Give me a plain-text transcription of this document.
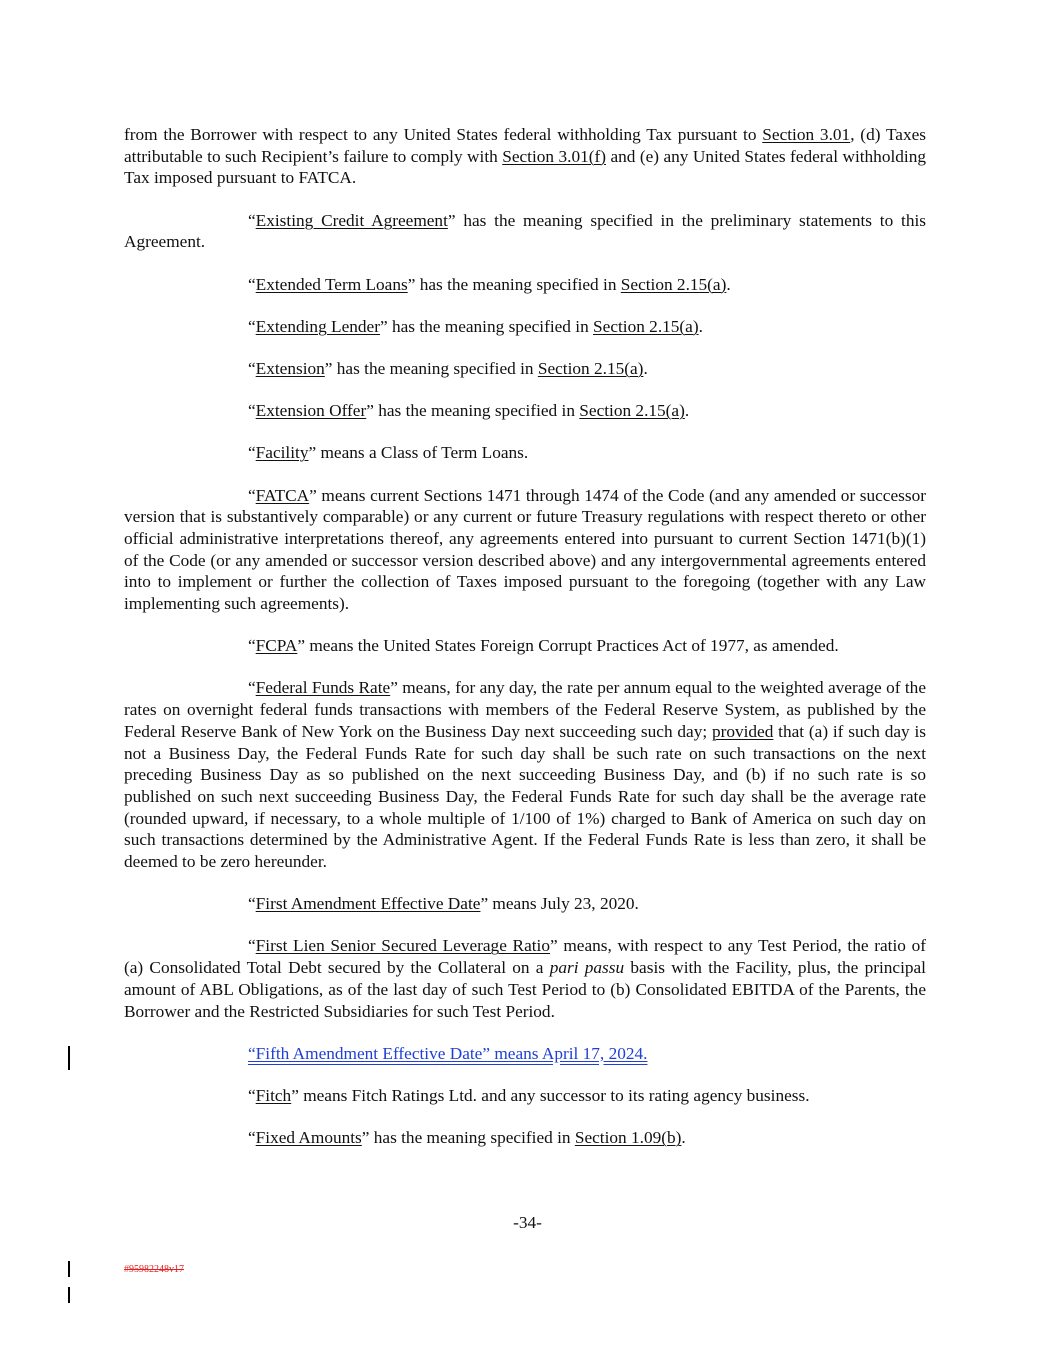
from the Borrower with respect to any United States federal withholding Tax pursuant to Section 3.01, (d) Taxes attributable to such Recipient’s failure to comply with Section 3.01(f) and (e) any United States federal withholding Tax imposed pursuant to FATCA.

“Existing Credit Agreement” has the meaning specified in the preliminary statements to this Agreement.

“Extended Term Loans” has the meaning specified in Section 2.15(a).

“Extending Lender” has the meaning specified in Section 2.15(a).

“Extension” has the meaning specified in Section 2.15(a).

“Extension Offer” has the meaning specified in Section 2.15(a).

“Facility” means a Class of Term Loans.

“FATCA” means current Sections 1471 through 1474 of the Code (and any amended or successor version that is substantively comparable) or any current or future Treasury regulations with respect thereto or other official administrative interpretations thereof, any agreements entered into pursuant to current Section 1471(b)(1) of the Code (or any amended or successor version described above) and any intergovernmental agreements entered into to implement or further the collection of Taxes imposed pursuant to the foregoing (together with any Law implementing such agreements).

“FCPA” means the United States Foreign Corrupt Practices Act of 1977, as amended.

“Federal Funds Rate” means, for any day, the rate per annum equal to the weighted average of the rates on overnight federal funds transactions with members of the Federal Reserve System, as published by the Federal Reserve Bank of New York on the Business Day next succeeding such day; provided that (a) if such day is not a Business Day, the Federal Funds Rate for such day shall be such rate on such transactions on the next preceding Business Day as so published on the next succeeding Business Day, and (b) if no such rate is so published on such next succeeding Business Day, the Federal Funds Rate for such day shall be the average rate (rounded upward, if necessary, to a whole multiple of 1/100 of 1%) charged to Bank of America on such day on such transactions determined by the Administrative Agent. If the Federal Funds Rate is less than zero, it shall be deemed to be zero hereunder.

“First Amendment Effective Date” means July 23, 2020.

“First Lien Senior Secured Leverage Ratio” means, with respect to any Test Period, the ratio of (a) Consolidated Total Debt secured by the Collateral on a pari passu basis with the Facility, plus, the principal amount of ABL Obligations, as of the last day of such Test Period to (b) Consolidated EBITDA of the Parents, the Borrower and the Restricted Subsidiaries for such Test Period.

“Fifth Amendment Effective Date” means April 17, 2024.

“Fitch” means Fitch Ratings Ltd. and any successor to its rating agency business.

“Fixed Amounts” has the meaning specified in Section 1.09(b).

-34-
#95982248v17
